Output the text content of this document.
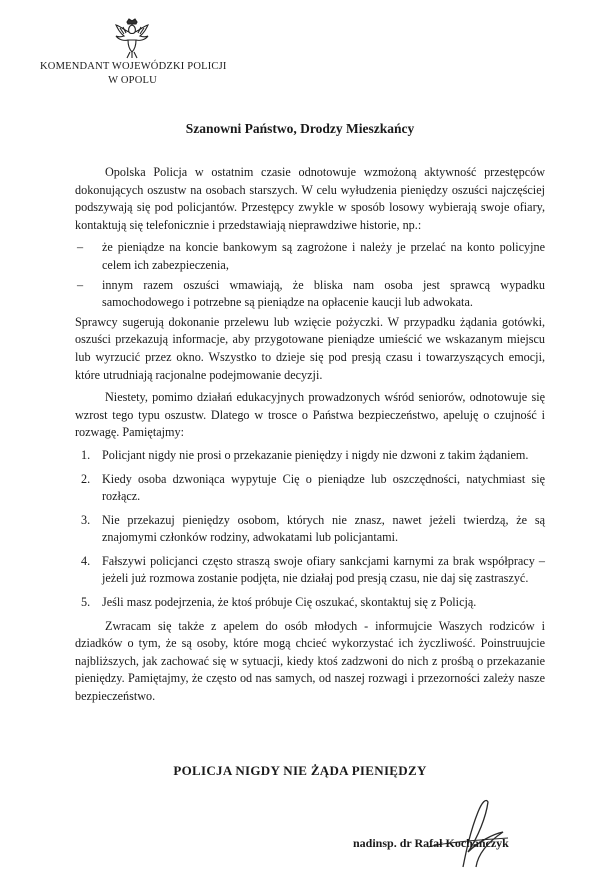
KOMENDANT WOJEWÓDZKI POLICJI
W OPOLU
Szanowni Państwo, Drodzy Mieszkańcy

Opolska Policja w ostatnim czasie odnotowuje wzmożoną aktywność przestępców dokonujących oszustw na osobach starszych. W celu wyłudzenia pieniędzy oszuści najczęściej podszywają się pod policjantów. Przestępcy zwykle w sposób losowy wybierają swoje ofiary, kontaktują się telefonicznie i przedstawiają nieprawdziwe historie, np.:

– że pieniądze na koncie bankowym są zagrożone i należy je przelać na konto policyjne celem ich zabezpieczenia,
– innym razem oszuści wmawiają, że bliska nam osoba jest sprawcą wypadku samochodowego i potrzebne są pieniądze na opłacenie kaucji lub adwokata.

Sprawcy sugerują dokonanie przelewu lub wzięcie pożyczki. W przypadku żądania gotówki, oszuści przekazują informacje, aby przygotowane pieniądze umieścić we wskazanym miejscu lub wyrzucić przez okno. Wszystko to dzieje się pod presją czasu i towarzyszących emocji, które utrudniają racjonalne podejmowanie decyzji.

Niestety, pomimo działań edukacyjnych prowadzonych wśród seniorów, odnotowuje się wzrost tego typu oszustw. Dlatego w trosce o Państwa bezpieczeństwo, apeluję o czujność i rozwagę. Pamiętajmy:

1. Policjant nigdy nie prosi o przekazanie pieniędzy i nigdy nie dzwoni z takim żądaniem.
2. Kiedy osoba dzwoniąca wypytuje Cię o pieniądze lub oszczędności, natychmiast się rozłącz.
3. Nie przekazuj pieniędzy osobom, których nie znasz, nawet jeżeli twierdzą, że są znajomymi członków rodziny, adwokatami lub policjantami.
4. Fałszywi policjanci często straszą swoje ofiary sankcjami karnymi za brak współpracy – jeżeli już rozmowa zostanie podjęta, nie działaj pod presją czasu, nie daj się zastraszyć.
5. Jeśli masz podejrzenia, że ktoś próbuje Cię oszukać, skontaktuj się z Policją.

Zwracam się także z apelem do osób młodych - informujcie Waszych rodziców i dziadków o tym, że są osoby, które mogą chcieć wykorzystać ich życzliwość. Poinstruujcie najbliższych, jak zachować się w sytuacji, kiedy ktoś zadzwoni do nich z prośbą o przekazanie pieniędzy. Pamiętajmy, że często od nas samych, od naszej rozwagi i przezorności zależy nasze bezpieczeństwo.

POLICJA NIGDY NIE ŻĄDA PIENIĘDZY
nadinsp. dr Rafał Kochańczyk
